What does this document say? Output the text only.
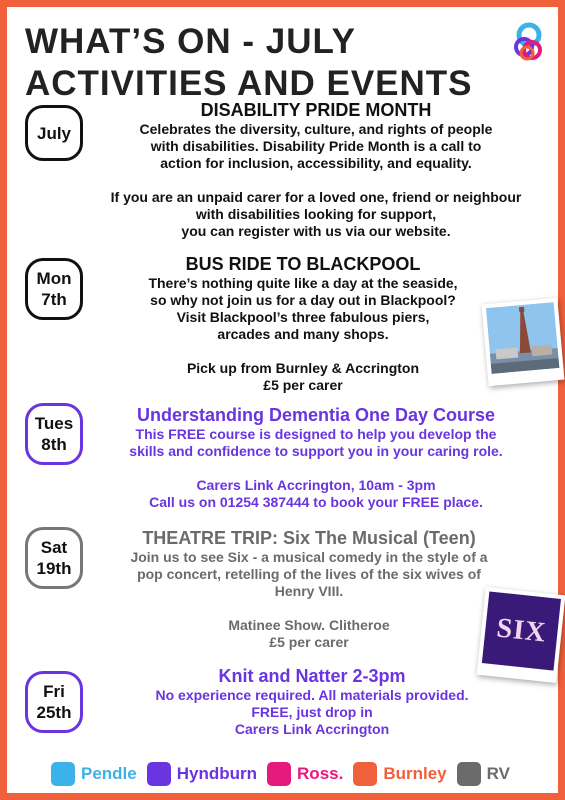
WHAT’S ON - JULY
ACTIVITIES AND EVENTS
July
DISABILITY PRIDE MONTH
Celebrates the diversity, culture, and rights of people
with disabilities. Disability Pride Month is a call to
action for inclusion, accessibility, and equality.
If you are an unpaid carer for a loved one, friend or neighbour
with disabilities looking for support,
you can register with us via our website.
Mon
7th
BUS RIDE TO BLACKPOOL
There’s nothing quite like a day at the seaside,
so why not join us for a day out in Blackpool?
Visit Blackpool’s three fabulous piers,
arcades and many shops.
Pick up from Burnley & Accrington
£5 per carer
Tues
8th
Understanding Dementia One Day Course
This FREE course is designed to help you develop the
skills and confidence to support you in your caring role.
Carers Link Accrington, 10am - 3pm
Call us on 01254 387444 to book your FREE place.
Sat
19th
THEATRE TRIP: Six The Musical (Teen)
Join us to see Six - a musical comedy in the style of a
pop concert, retelling of the lives of the six wives of
Henry VIII.
Matinee Show. Clitheroe
£5 per carer	SIX
Fri
25th
Knit and Natter 2-3pm
No experience required. All materials provided.
FREE, just drop in
Carers Link Accrington
Pendle Hyndburn Ross. Burnley RV
